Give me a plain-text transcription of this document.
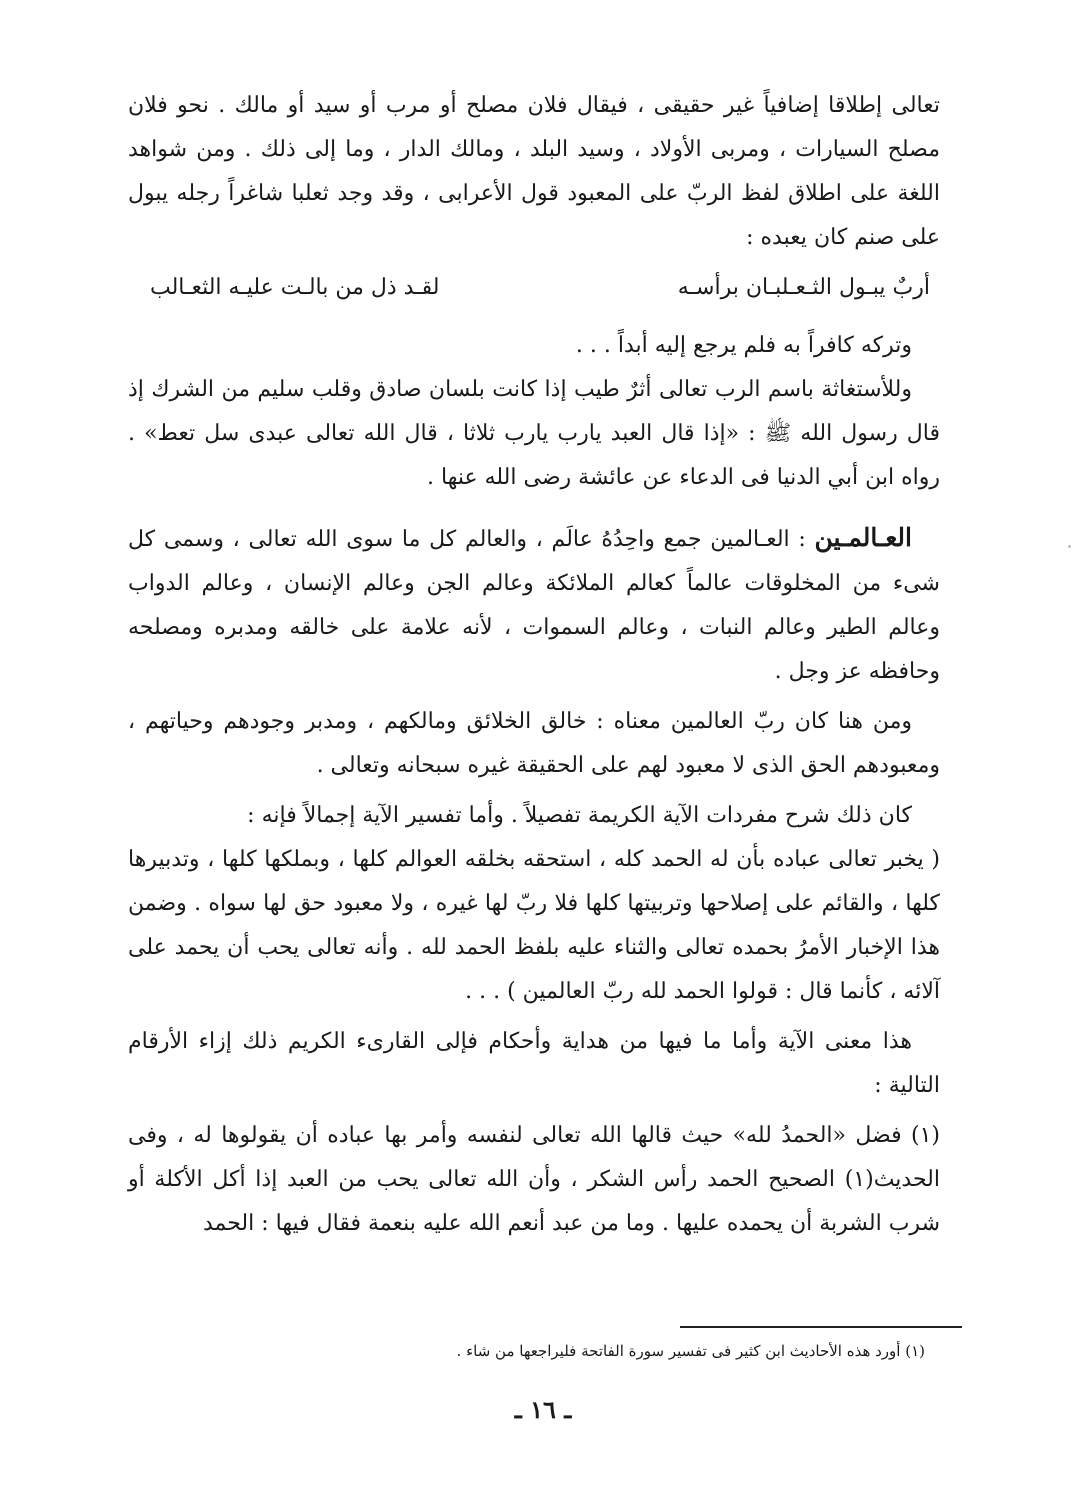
تعالى إطلاقا إضافياً غير حقيقى ، فيقال فلان مصلح أو مرب أو سيد أو مالك . نحو فلان مصلح السيارات ، ومربى الأولاد ، وسيد البلد ، ومالك الدار ، وما إلى ذلك . ومن شواهد اللغة على اطلاق لفظ الربّ على المعبود قول الأعرابى ، وقد وجد ثعلبا شاغراً رجله يبول على صنم كان يعبده :

أربٌ يبـول الثـعـلبـان برأسـه
لقـد ذل من بالـت عليـه الثعـالب

وتركه كافراً به فلم يرجع إليه أبداً . . .

وللأستغاثة باسم الرب تعالى أثرٌ طيب إذا كانت بلسان صادق وقلب سليم من الشرك إذ قال رسول الله ﷺ : «إذا قال العبد يارب يارب ثلاثا ، قال الله تعالى عبدى سل تعط» . رواه ابن أبي الدنيا فى الدعاء عن عائشة رضى الله عنها .

العـالمـين : العـالمين جمع واحِدُهُ عالَم ، والعالم كل ما سوى الله تعالى ، وسمى كل شىء من المخلوقات عالماً كعالم الملائكة وعالم الجن وعالم الإنسان ، وعالم الدواب وعالم الطير وعالم النبات ، وعالم السموات ، لأنه علامة على خالقه ومدبره ومصلحه وحافظه عز وجل .

ومن هنا كان ربّ العالمين معناه : خالق الخلائق ومالكهم ، ومدبر وجودهم وحياتهم ، ومعبودهم الحق الذى لا معبود لهم على الحقيقة غيره سبحانه وتعالى .

كان ذلك شرح مفردات الآية الكريمة تفصيلاً . وأما تفسير الآية إجمالاً فإنه :

( يخبر تعالى عباده بأن له الحمد كله ، استحقه بخلقه العوالم كلها ، وبملكها كلها ، وتدبيرها كلها ، والقائم على إصلاحها وتربيتها كلها فلا ربّ لها غيره ، ولا معبود حق لها سواه . وضمن هذا الإخبار الأمرُ بحمده تعالى والثناء عليه بلفظ الحمد لله . وأنه تعالى يحب أن يحمد على آلائه ، كأنما قال : قولوا الحمد لله ربّ العالمين ) . . .

هذا معنى الآية وأما ما فيها من هداية وأحكام فإلى القارىء الكريم ذلك إزاء الأرقام التالية :

(١) فضل «الحمدُ لله» حيث قالها الله تعالى لنفسه وأمر بها عباده أن يقولوها له ، وفى الحديث(١) الصحيح الحمد رأس الشكر ، وأن الله تعالى يحب من العبد إذا أكل الأكلة أو شرب الشربة أن يحمده عليها . وما من عبد أنعم الله عليه بنعمة فقال فيها : الحمد

(١) أورد هذه الأحاديث ابن كثير فى تفسير سورة الفاتحة فليراجعها من شاء .
ـ ١٦ ـ
